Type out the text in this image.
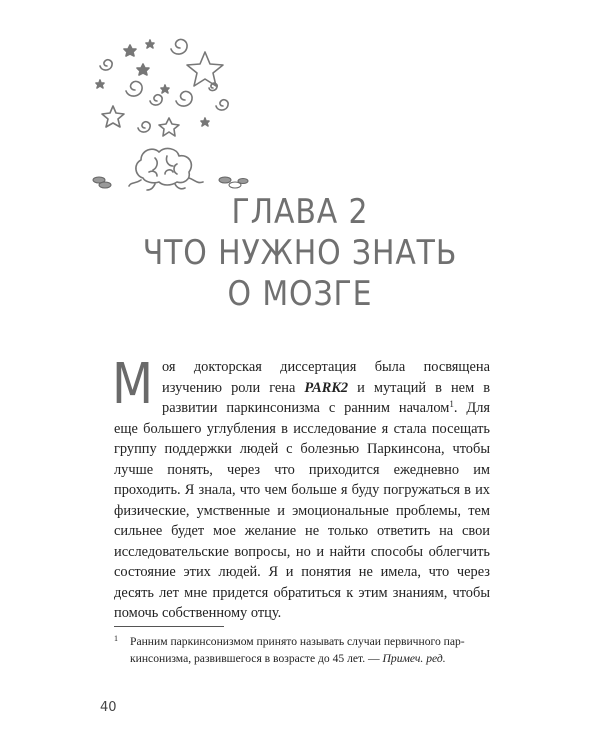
ГЛАВА 2
ЧТО НУЖНО ЗНАТЬ
О МОЗГЕ

Моя докторская диссертация была посвящена изучению роли гена PARK2 и мутаций в нем в развитии паркинсонизма с ранним началом$^1$. Для еще большего углубления в исследование я стала посещать группу поддержки людей с болезнью Паркинсона, чтобы лучше понять, через что приходится ежедневно им проходить. Я знала, что чем больше я буду погружаться в их физические, умственные и эмоциональные проблемы, тем сильнее будет мое желание не только ответить на свои исследовательские вопросы, но и найти способы облегчить состояние этих людей. Я и понятия не имела, что через десять лет мне придется обратиться к этим знаниям, чтобы помочь собственному отцу.

1 Ранним паркинсонизмом принято называть случаи первичного пар-
кинсонизма, развившегося в возрасте до 45 лет. — Примеч. ред.

40
